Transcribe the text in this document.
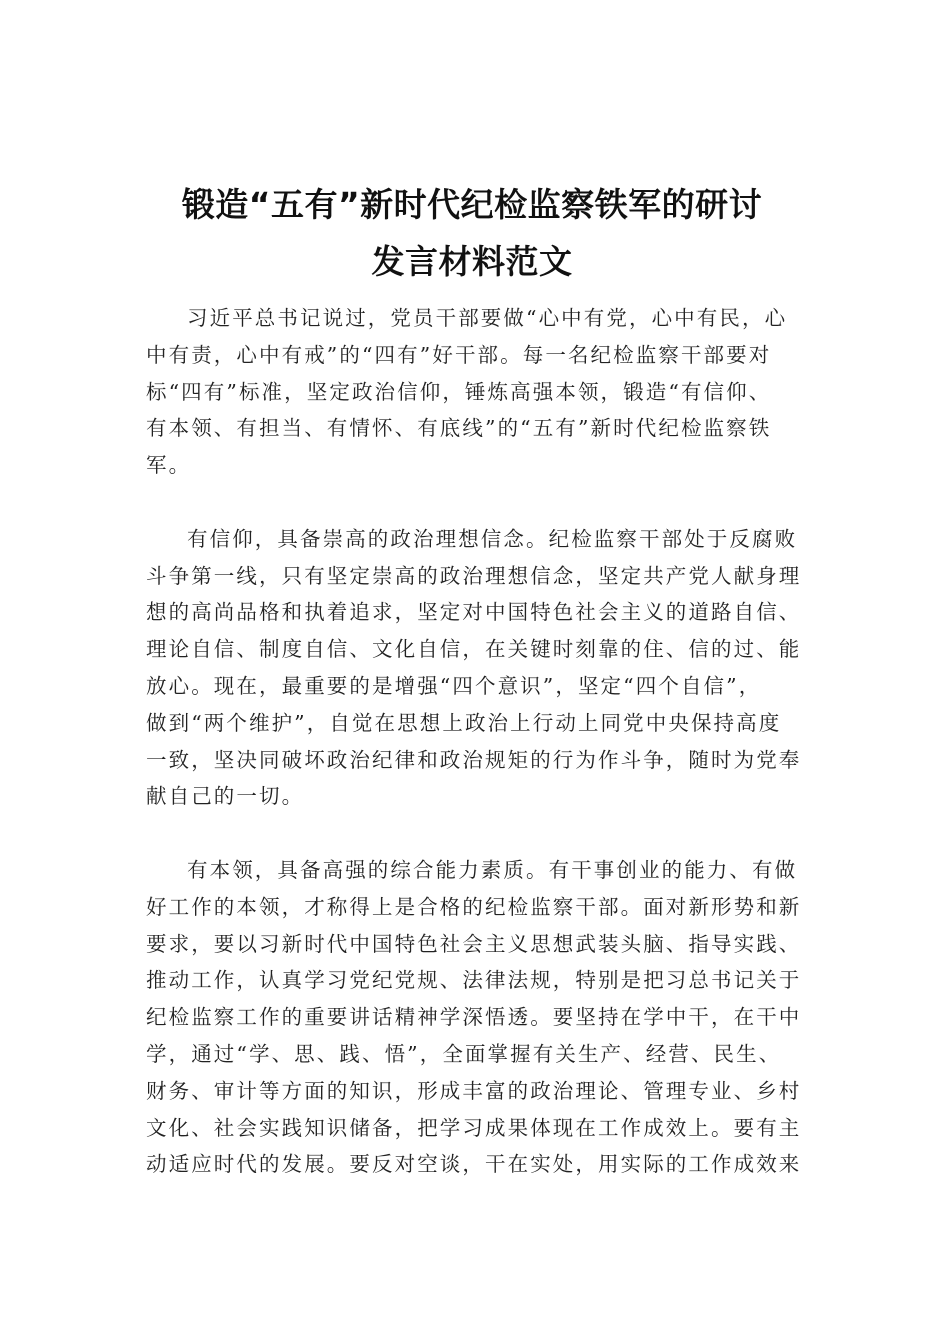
锻造“五有”新时代纪检监察铁军的研讨
发言材料范文

习近平总书记说过，党员干部要做“心中有党，心中有民，心
中有责，心中有戒”的“四有”好干部。每一名纪检监察干部要对
标“四有”标准，坚定政治信仰，锤炼高强本领，锻造“有信仰、
有本领、有担当、有情怀、有底线”的“五有”新时代纪检监察铁
军。

有信仰，具备崇高的政治理想信念。纪检监察干部处于反腐败
斗争第一线，只有坚定崇高的政治理想信念，坚定共产党人献身理
想的高尚品格和执着追求，坚定对中国特色社会主义的道路自信、
理论自信、制度自信、文化自信，在关键时刻靠的住、信的过、能
放心。现在，最重要的是增强“四个意识”，坚定“四个自信”，
做到“两个维护”，自觉在思想上政治上行动上同党中央保持高度
一致，坚决同破坏政治纪律和政治规矩的行为作斗争，随时为党奉
献自己的一切。

有本领，具备高强的综合能力素质。有干事创业的能力、有做
好工作的本领，才称得上是合格的纪检监察干部。面对新形势和新
要求，要以习新时代中国特色社会主义思想武装头脑、指导实践、
推动工作，认真学习党纪党规、法律法规，特别是把习总书记关于
纪检监察工作的重要讲话精神学深悟透。要坚持在学中干，在干中
学，通过“学、思、践、悟”，全面掌握有关生产、经营、民生、
财务、审计等方面的知识，形成丰富的政治理论、管理专业、乡村
文化、社会实践知识储备，把学习成果体现在工作成效上。要有主
动适应时代的发展。要反对空谈，干在实处，用实际的工作成效来
